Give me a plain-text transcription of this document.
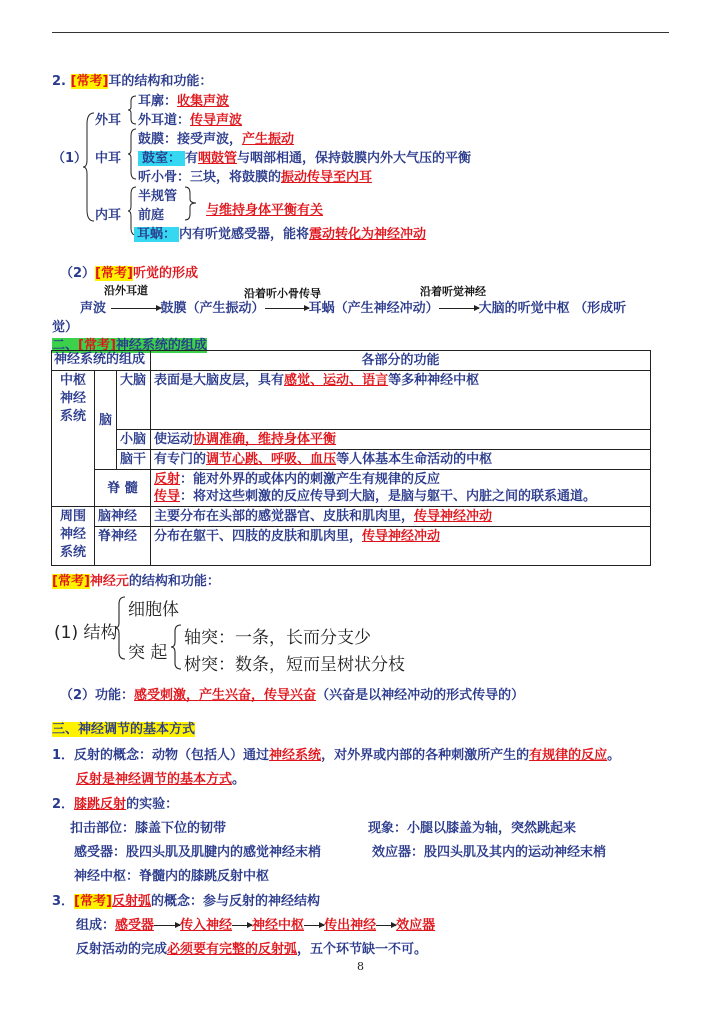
2. [常考]耳的结构和功能：
（1）
外耳
中耳
内耳
耳廓：收集声波
外耳道：传导声波
鼓膜：接受声波，产生振动
鼓室： 有咽鼓管与咽部相通，保持鼓膜内外大气压的平衡
听小骨：三块，将鼓膜的振动传导至内耳
半规管
前庭	与维持身体平衡有关
耳蜗： 内有听觉感受器，能将震动转化为神经冲动
（2）[常考]听觉的形成
沿外耳道	沿着听小骨传导	沿着听觉神经
声波	鼓膜（产生振动）	耳蜗（产生神经冲动）	大脑的听觉中枢 （形成听
觉）
二、[常考]神经系统的组成
神经系统的组成			各部分的功能

中枢神经系统	脑	大脑	表面是大脑皮层，具有感觉、运动、语言等多种神经中枢
		小脑	使运动协调准确，维持身体平衡
		脑干	有专门的调节心跳、呼吸、血压等人体基本生命活动的中枢
	脊 髓		反射：能对外界的或体内的刺激产生有规律的反应
传导：将对这些刺激的反应传导到大脑，是脑与躯干、内脏之间的联系通道。

周围神经系统	脑神经		主要分布在头部的感觉器官、皮肤和肌肉里，传导神经冲动
	脊神经		分布在躯干、四肢的皮肤和肌肉里，传导神经冲动
[常考]神经元的结构和功能：
(1) 结构
细胞体
突 起
轴突：一条，长而分支少
树突：数条，短而呈树状分枝
（2）功能：感受刺激，产生兴奋，传导兴奋（兴奋是以神经冲动的形式传导的）
三、神经调节的基本方式
1．反射的概念：动物（包括人）通过神经系统，对外界或内部的各种刺激所产生的有规律的反应。
反射是神经调节的基本方式。
2．膝跳反射的实验：
扣击部位：膝盖下位的韧带	现象：小腿以膝盖为轴，突然跳起来
感受器：股四头肌及肌腱内的感觉神经末梢	效应器：股四头肌及其内的运动神经末梢
神经中枢：脊髓内的膝跳反射中枢
3．[常考]反射弧的概念：参与反射的神经结构
组成：感受器 传入神经 神经中枢 传出神经 效应器
反射活动的完成必须要有完整的反射弧，五个环节缺一不可。
8
